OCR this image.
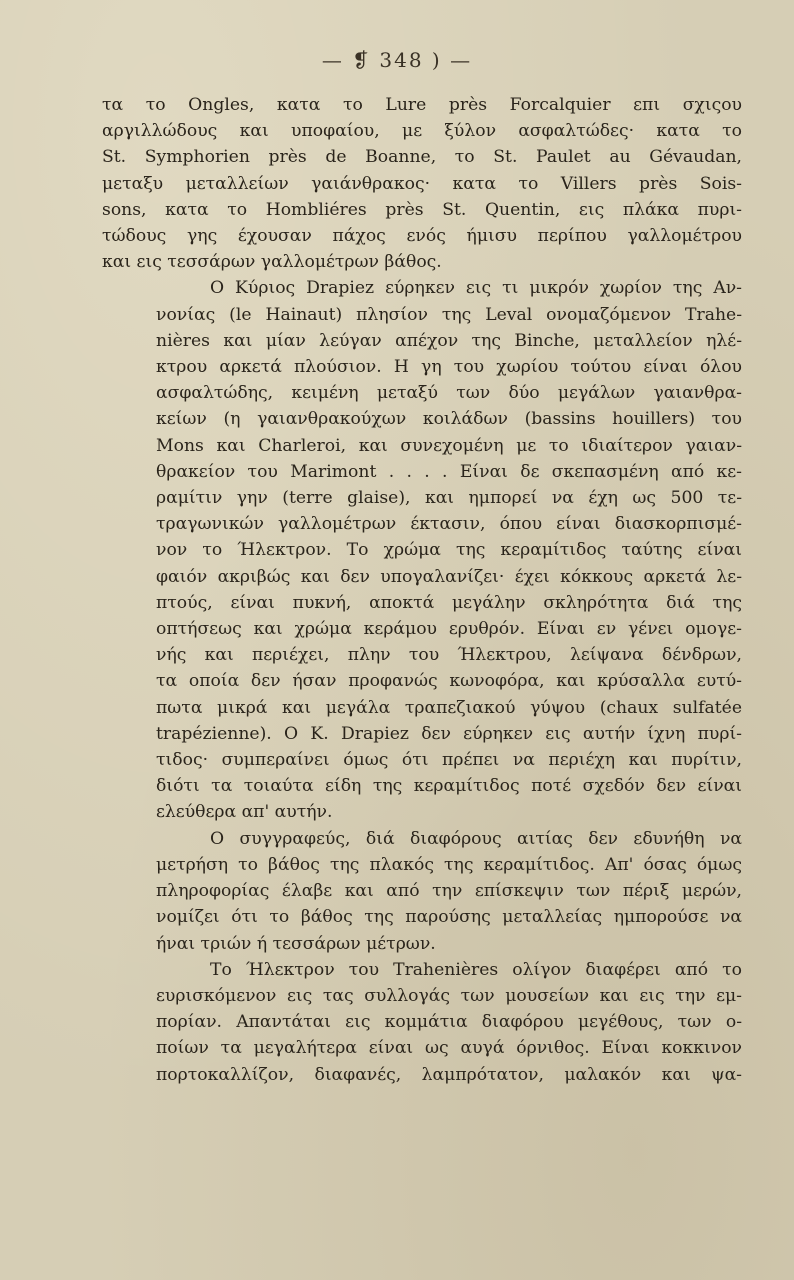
— ❡ 348 ) —

τα το Ongles, κατα το Lure près Forcalquier επι σχιςου
αργιλλώδους και υποφαίου, με ξύλον ασφαλτώδες· κατα το
St. Symphorien près de Boanne, το St. Paulet au Gévaudan,
μεταξυ μεταλλείων γαιάνθρακος· κατα το Villers près Sois-
sons, κατα το Hombliéres près St. Quentin, εις πλάκα πυρι-
τώδους γης έχουσαν πάχος ενός ήμισυ περίπου γαλλομέτρου
και εις τεσσάρων γαλλομέτρων βάθος.

Ο Κύριος Drapiez εύρηκεν εις τι μικρόν χωρίον της Αν-
νονίας (le Hainaut) πλησίον της Leval ονομαζόμενον Trahe-
nières και μίαν λεύγαν απέχον της Binche, μεταλλείον ηλέ-
κτρου αρκετά πλούσιον. Η γη του χωρίου τούτου είναι όλου
ασφαλτώδης, κειμένη μεταξύ των δύο μεγάλων γαιανθρα-
κείων (η γαιανθρακούχων κοιλάδων (bassins houillers) του
Mons και Charleroi, και συνεχομένη με το ιδιαίτερον γαιαν-
θρακείον του Marimont . . . . Είναι δε σκεπασμένη από κε-
ραμίτιν γην (terre glaise), και ημπορεί να έχη ως 500 τε-
τραγωνικών γαλλομέτρων έκτασιν, όπου είναι διασκορπισμέ-
νον το Ήλεκτρον. Το χρώμα της κεραμίτιδος ταύτης είναι
φαιόν ακριβώς και δεν υπογαλανίζει· έχει κόκκους αρκετά λε-
πτούς, είναι πυκνή, αποκτά μεγάλην σκληρότητα διά της
οπτήσεως και χρώμα κεράμου ερυθρόν. Είναι εν γένει ομογε-
νής και περιέχει, πλην του Ήλεκτρου, λείψανα δένδρων,
τα οποία δεν ήσαν προφανώς κωνοφόρα, και κρύσαλλα ευτύ-
πωτα μικρά και μεγάλα τραπεζιακού γύψου (chaux sulfatée
trapézienne). Ο Κ. Drapiez δεν εύρηκεν εις αυτήν ίχνη πυρί-
τιδος· συμπεραίνει όμως ότι πρέπει να περιέχη και πυρίτιν,
διότι τα τοιαύτα είδη της κεραμίτιδος ποτέ σχεδόν δεν είναι
ελεύθερα απ' αυτήν.

Ο συγγραφεύς, διά διαφόρους αιτίας δεν εδυνήθη να
μετρήση το βάθος της πλακός της κεραμίτιδος. Απ' όσας όμως
πληροφορίας έλαβε και από την επίσκεψιν των πέριξ μερών,
νομίζει ότι το βάθος της παρούσης μεταλλείας ημπορούσε να
ήναι τριών ή τεσσάρων μέτρων.

Το Ήλεκτρον του Trahenières ολίγον διαφέρει από το
ευρισκόμενον εις τας συλλογάς των μουσείων και εις την εμ-
πορίαν. Απαντάται εις κομμάτια διαφόρου μεγέθους, των ο-
ποίων τα μεγαλήτερα είναι ως αυγά όρνιθος. Είναι κοκκινον
πορτοκαλλίζον, διαφανές, λαμπρότατον, μαλακόν και ψα-
